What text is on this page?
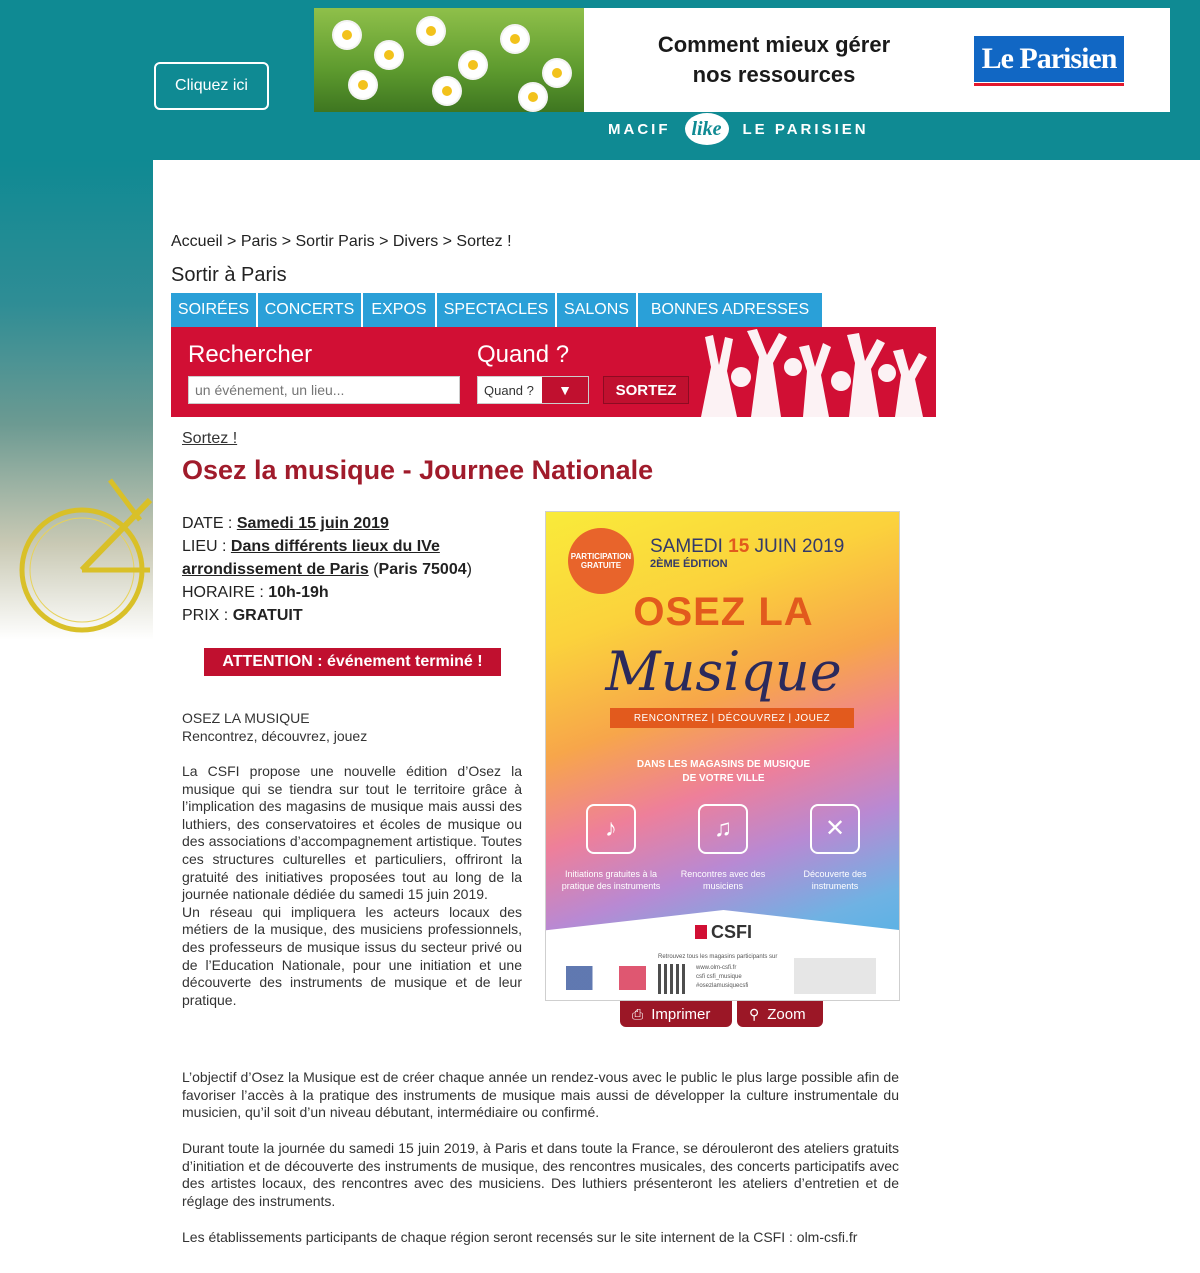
Cliquez ici
Comment mieux gérer
nos ressources	Le Parisien
MACIF	like	LE PARISIEN
Accueil > Paris > Sortir Paris > Divers > Sortez !
Sortir à Paris
SOIRÉES CONCERTS	EXPOS	SPECTACLES SALONS	BONNES ADRESSES
Rechercher	Quand ?
un événement, un lieu...
Quand ?	▼	SORTEZ
Sortez !
Osez la musique - Journee Nationale
DATE : Samedi 15 juin 2019
LIEU : Dans différents lieux du IVe arrondissement de Paris (Paris 75004)
HORAIRE : 10h-19h
PRIX : GRATUIT
ATTENTION : événement terminé !
OSEZ LA MUSIQUE
Rencontrez, découvrez, jouez
La CSFI propose une nouvelle édition d’Osez la musique qui se tiendra sur tout le territoire grâce à l’implication des magasins de musique mais aussi des luthiers, des conservatoires et écoles de musique ou des associations d’accompagnement artistique. Toutes ces structures culturelles et particuliers, offriront la gratuité des initiatives proposées tout au long de la journée nationale dédiée du samedi 15 juin 2019.
Un réseau qui impliquera les acteurs locaux des métiers de la musique, des musiciens professionnels, des professeurs de musique issus du secteur privé ou de l’Education Nationale, pour une initiation et une découverte des instruments de musique et de leur pratique.
L’objectif d’Osez la Musique est de créer chaque année un rendez-vous avec le public le plus large possible afin de favoriser l’accès à la pratique des instruments de musique mais aussi de développer la culture instrumentale du musicien, qu’il soit d’un niveau débutant, intermédiaire ou confirmé.
Durant toute la journée du samedi 15 juin 2019, à Paris et dans toute la France, se dérouleront des ateliers gratuits d’initiation et de découverte des instruments de musique, des rencontres musicales, des concerts participatifs avec des artistes locaux, des rencontres avec des musiciens. Des luthiers présenteront les ateliers d’entretien et de réglage des instruments.
Les établissements participants de chaque région seront recensés sur le site internent de la CSFI : olm-csfi.fr
PARTICIPATION GRATUITE
SAMEDI 15 JUIN 2019
2ÈME ÉDITION
OSEZ LA
Musique
RENCONTREZ | DÉCOUVREZ | JOUEZ
DANS LES MAGASINS DE MUSIQUE
DE VOTRE VILLE
♪
Initiations gratuites à la pratique des instruments
♫
Rencontres avec des musiciens
✕
Découverte des instruments
CSFI
Retrouvez tous les magasins participants sur
www.olm-csfi.fr
csfi csfi_musique
#osezlamusiquecsfi
⎙ Imprimer	⚲ Zoom
